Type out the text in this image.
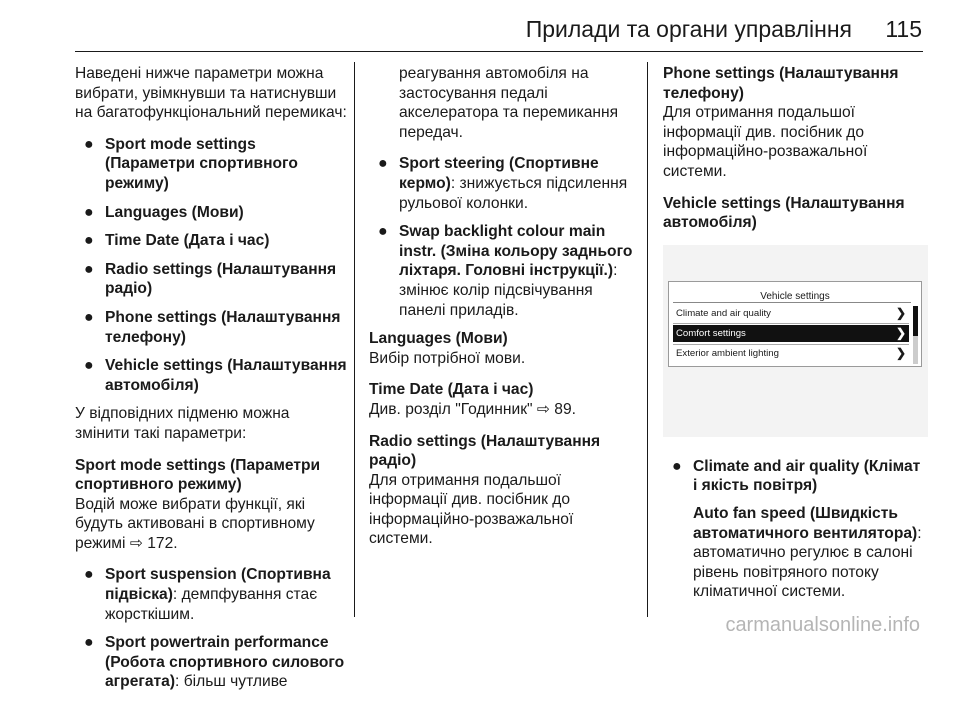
Прилади та органи управління 115

Наведені нижче параметри можна вибрати, увімкнувши та натиснувши на багатофункціональний перемикач:

● Sport mode settings (Параметри спортивного режиму)
● Languages (Мови)
● Time Date (Дата і час)
● Radio settings (Налаштування радіо)
● Phone settings (Налаштування телефону)
● Vehicle settings (Налаштування автомобіля)

У відповідних підменю можна змінити такі параметри:

Sport mode settings (Параметри спортивного режиму)

Водій може вибрати функції, які будуть активовані в спортивному режимі ⇨ 172.

● Sport suspension (Спортивна підвіска): демпфування стає жорсткішим.
● Sport powertrain performance (Робота спортивного силового агрегата): більш чутливе

реагування автомобіля на застосування педалі акселератора та перемикання передач.

● Sport steering (Спортивне кермо): знижується підсилення рульової колонки.
● Swap backlight colour main instr. (Зміна кольору заднього ліхтаря. Головні інструкції.): змінює колір підсвічування панелі приладів.

Languages (Мови)

Вибір потрібної мови.

Time Date (Дата і час)

Див. розділ "Годинник" ⇨ 89.

Radio settings (Налаштування радіо)

Для отримання подальшої інформації див. посібник до інформаційно-розважальної системи.

Phone settings (Налаштування телефону)

Для отримання подальшої інформації див. посібник до інформаційно-розважальної системи.

Vehicle settings (Налаштування автомобіля)

Vehicle settings
Climate and air quality	❯
Comfort settings	❯
Exterior ambient lighting	❯
● Climate and air quality (Клімат і якість повітря)
Auto fan speed (Швидкість автоматичного вентилятора): автоматично регулює в салоні рівень повітряного потоку кліматичної системи.
carmanualsonline.info
